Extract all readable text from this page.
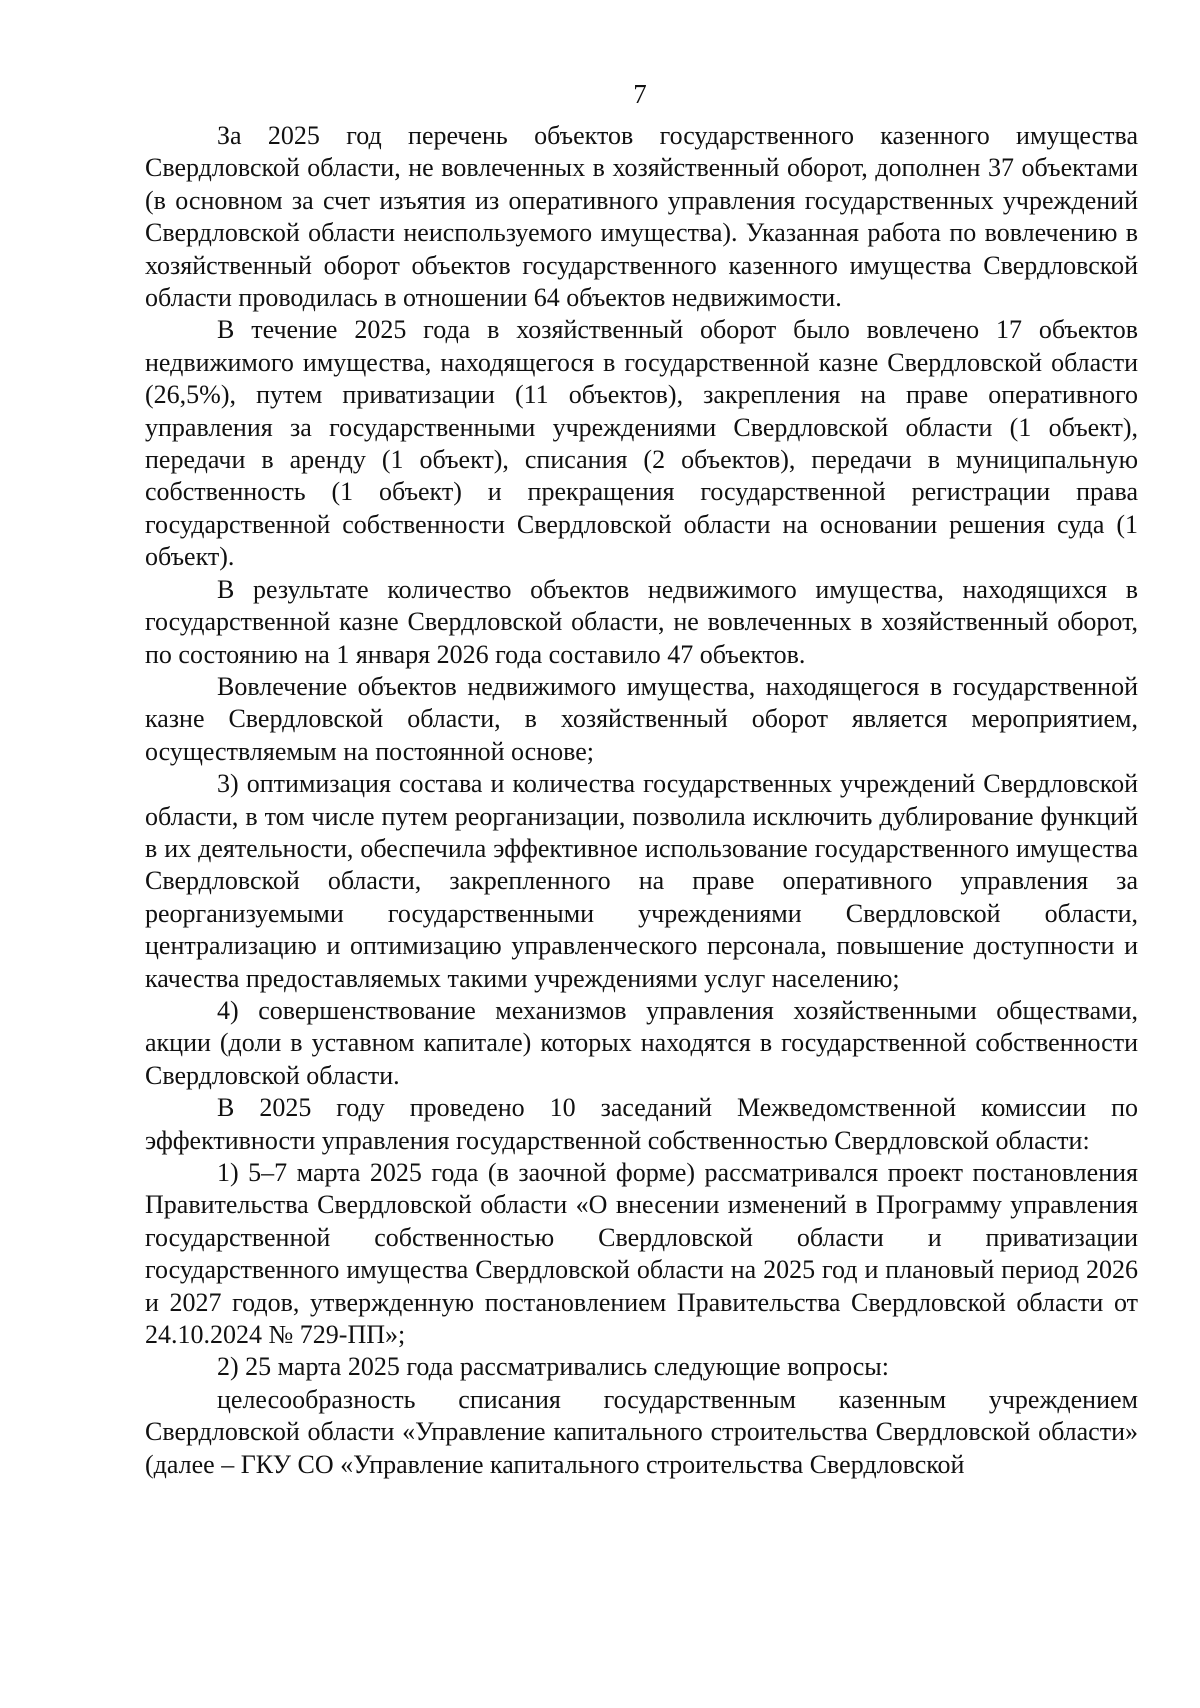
7

За 2025 год перечень объектов государственного казенного имущества Свердловской области, не вовлеченных в хозяйственный оборот, дополнен 37 объектами (в основном за счет изъятия из оперативного управления государственных учреждений Свердловской области неиспользуемого имущества). Указанная работа по вовлечению в хозяйственный оборот объектов государственного казенного имущества Свердловской области проводилась в отношении 64 объектов недвижимости.

В течение 2025 года в хозяйственный оборот было вовлечено 17 объектов недвижимого имущества, находящегося в государственной казне Свердловской области (26,5%), путем приватизации (11 объектов), закрепления на праве оперативного управления за государственными учреждениями Свердловской области (1 объект), передачи в аренду (1 объект), списания (2 объектов), передачи в муниципальную собственность (1 объект) и прекращения государственной регистрации права государственной собственности Свердловской области на основании решения суда (1 объект).

В результате количество объектов недвижимого имущества, находящихся в государственной казне Свердловской области, не вовлеченных в хозяйственный оборот, по состоянию на 1 января 2026 года составило 47 объектов.

Вовлечение объектов недвижимого имущества, находящегося в государственной казне Свердловской области, в хозяйственный оборот является мероприятием, осуществляемым на постоянной основе;

3) оптимизация состава и количества государственных учреждений Свердловской области, в том числе путем реорганизации, позволила исключить дублирование функций в их деятельности, обеспечила эффективное использование государственного имущества Свердловской области, закрепленного на праве оперативного управления за реорганизуемыми государственными учреждениями Свердловской области, централизацию и оптимизацию управленческого персонала, повышение доступности и качества предоставляемых такими учреждениями услуг населению;

4) совершенствование механизмов управления хозяйственными обществами, акции (доли в уставном капитале) которых находятся в государственной собственности Свердловской области.

В 2025 году проведено 10 заседаний Межведомственной комиссии по эффективности управления государственной собственностью Свердловской области:

1) 5–7 марта 2025 года (в заочной форме) рассматривался проект постановления Правительства Свердловской области «О внесении изменений в Программу управления государственной собственностью Свердловской области и приватизации государственного имущества Свердловской области на 2025 год и плановый период 2026 и 2027 годов, утвержденную постановлением Правительства Свердловской области от 24.10.2024 № 729-ПП»;

2) 25 марта 2025 года рассматривались следующие вопросы:

целесообразность списания государственным казенным учреждением Свердловской области «Управление капитального строительства Свердловской области» (далее – ГКУ СО «Управление капитального строительства Свердловской
